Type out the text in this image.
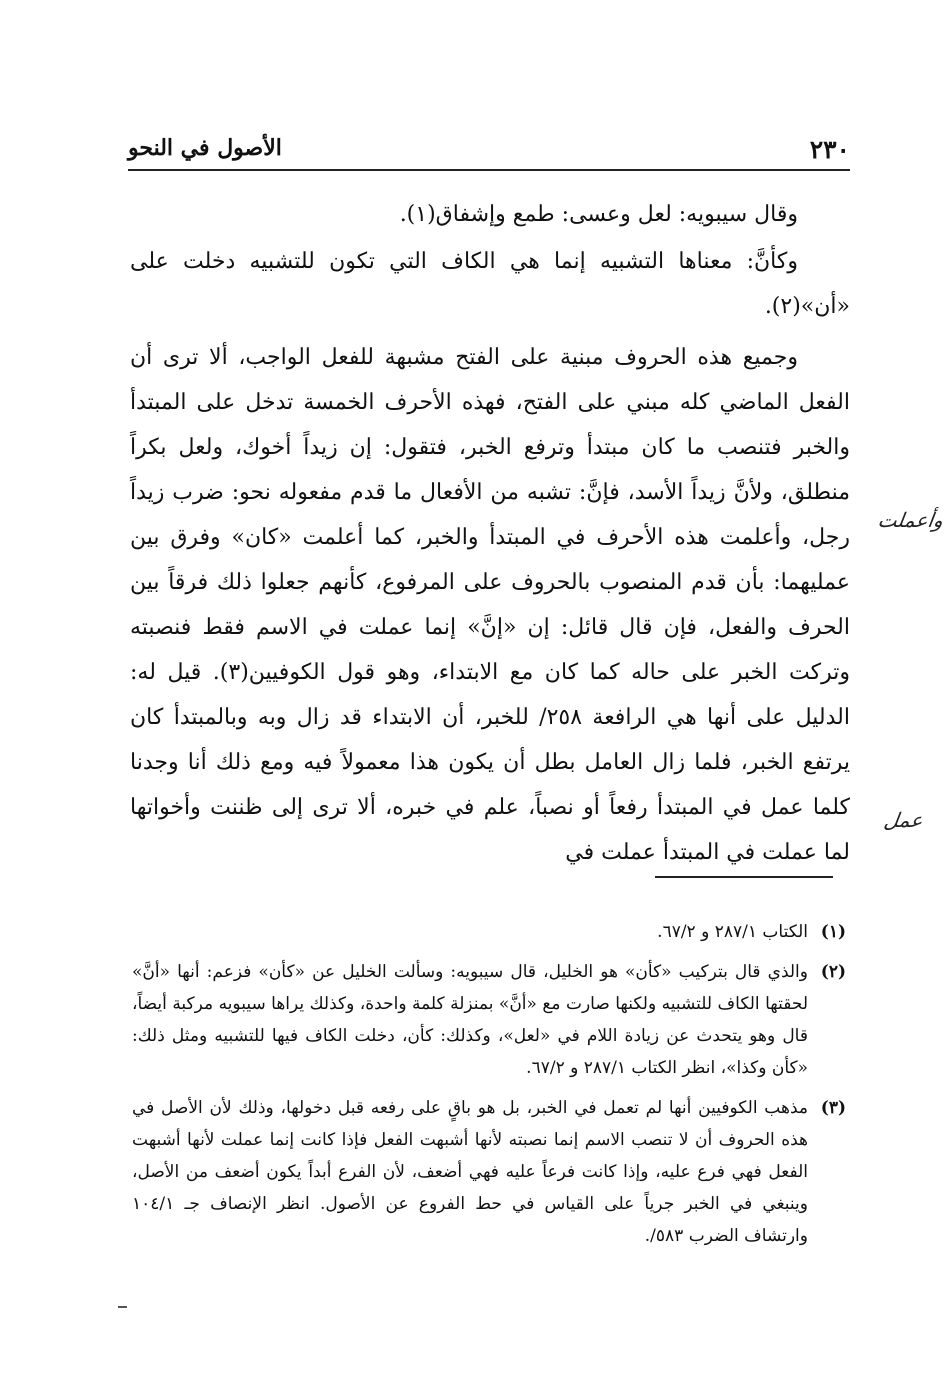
٢٣٠
الأصول في النحو

وقال سيبويه: لعل وعسى: طمع وإشفاق(١).

وكأنَّ: معناها التشبيه إنما هي الكاف التي تكون للتشبيه دخلت على «أن»(٢).

وجميع هذه الحروف مبنية على الفتح مشبهة للفعل الواجب، ألا ترى أن الفعل الماضي كله مبني على الفتح، فهذه الأحرف الخمسة تدخل على المبتدأ والخبر فتنصب ما كان مبتدأ وترفع الخبر، فتقول: إن زيداً أخوك، ولعل بكراً منطلق، ولأنَّ زيداً الأسد، فإنَّ: تشبه من الأفعال ما قدم مفعوله نحو: ضرب زيداً رجل، وأعلمت هذه الأحرف في المبتدأ والخبر، كما أعلمت «كان» وفرق بين عمليهما: بأن قدم المنصوب بالحروف على المرفوع، كأنهم جعلوا ذلك فرقاً بين الحرف والفعل، فإن قال قائل: إن «إنَّ» إنما عملت في الاسم فقط فنصبته وتركت الخبر على حاله كما كان مع الابتداء، وهو قول الكوفيين(٣). قيل له: الدليل على أنها هي الرافعة ٢٥٨/ للخبر، أن الابتداء قد زال وبه وبالمبتدأ كان يرتفع الخبر، فلما زال العامل بطل أن يكون هذا معمولاً فيه ومع ذلك أنا وجدنا كلما عمل في المبتدأ رفعاً أو نصباً، علم في خبره، ألا ترى إلى ظننت وأخواتها لما عملت في المبتدأ عملت في

وأعملت
عمل

(١)
الكتاب ٢٨٧/١ و ٦٧/٢.

(٢)
والذي قال بتركيب «كأن» هو الخليل، قال سيبويه: وسألت الخليل عن «كأن» فزعم: أنها «أنَّ» لحقتها الكاف للتشبيه ولكنها صارت مع «أنَّ» بمنزلة كلمة واحدة، وكذلك يراها سيبويه مركبة أيضاً، قال وهو يتحدث عن زيادة اللام في «لعل»، وكذلك: كأن، دخلت الكاف فيها للتشبيه ومثل ذلك: «كأن وكذا»، انظر الكتاب ٢٨٧/١ و ٦٧/٢.

(٣)
مذهب الكوفيين أنها لم تعمل في الخبر، بل هو باقٍ على رفعه قبل دخولها، وذلك لأن الأصل في هذه الحروف أن لا تنصب الاسم إنما نصبته لأنها أشبهت الفعل فإذا كانت إنما عملت لأنها أشبهت الفعل فهي فرع عليه، وإذا كانت فرعاً عليه فهي أضعف، لأن الفرع أبداً يكون أضعف من الأصل، وينبغي في الخبر جرياً على القياس في حط الفروع عن الأصول. انظر الإنصاف جـ ١٠٤/١ وارتشاف الضرب ٥٨٣/.
